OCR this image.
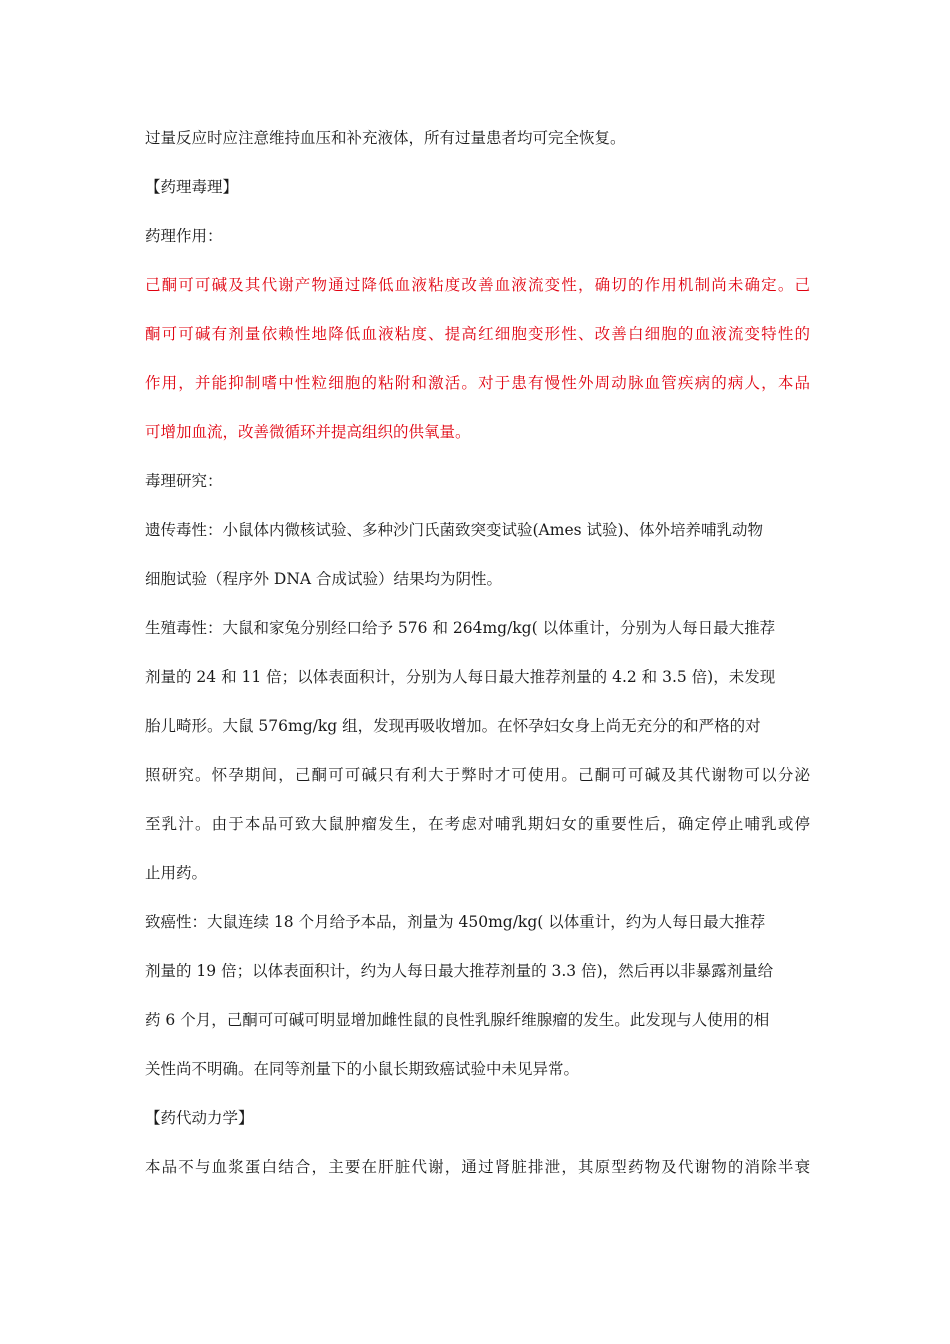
过量反应时应注意维持血压和补充液体，所有过量患者均可完全恢复。
【药理毒理】
药理作用：
己酮可可碱及其代谢产物通过降低血液粘度改善血液流变性，确切的作用机制尚未确定。己
酮可可碱有剂量依赖性地降低血液粘度、提高红细胞变形性、改善白细胞的血液流变特性的
作用，并能抑制嗜中性粒细胞的粘附和激活。对于患有慢性外周动脉血管疾病的病人，本品
可增加血流，改善微循环并提高组织的供氧量。
毒理研究：
遗传毒性：小鼠体内微核试验、多种沙门氏菌致突变试验(Ames 试验)、体外培养哺乳动物
细胞试验（程序外 DNA 合成试验）结果均为阴性。
生殖毒性：大鼠和家兔分别经口给予 576 和 264mg/kg( 以体重计，分别为人每日最大推荐
剂量的 24 和 11 倍；以体表面积计，分别为人每日最大推荐剂量的 4.2 和 3.5 倍)，未发现
胎儿畸形。大鼠 576mg/kg 组，发现再吸收增加。在怀孕妇女身上尚无充分的和严格的对
照研究。怀孕期间，己酮可可碱只有利大于弊时才可使用。己酮可可碱及其代谢物可以分泌
至乳汁。由于本品可致大鼠肿瘤发生，在考虑对哺乳期妇女的重要性后，确定停止哺乳或停
止用药。
致癌性：大鼠连续 18 个月给予本品，剂量为 450mg/kg( 以体重计，约为人每日最大推荐
剂量的 19 倍；以体表面积计，约为人每日最大推荐剂量的 3.3 倍)，然后再以非暴露剂量给
药 6 个月，己酮可可碱可明显增加雌性鼠的良性乳腺纤维腺瘤的发生。此发现与人使用的相
关性尚不明确。在同等剂量下的小鼠长期致癌试验中未见异常。
【药代动力学】
本品不与血浆蛋白结合，主要在肝脏代谢，通过肾脏排泄，其原型药物及代谢物的消除半衰
